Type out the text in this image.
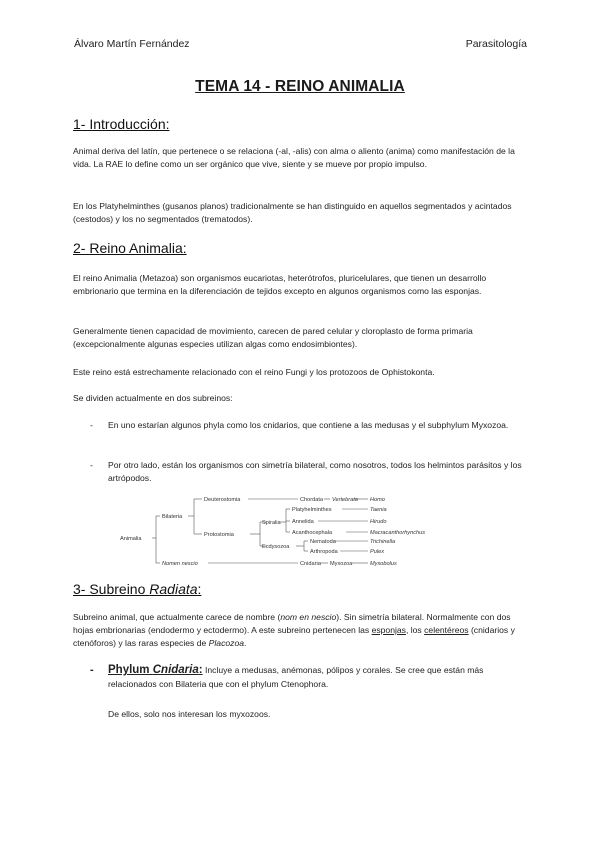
Álvaro Martín Fernández	Parasitología
TEMA 14 - REINO ANIMALIA
1- Introducción:
Animal deriva del latín, que pertenece o se relaciona (-al, -alis) con alma o aliento (anima) como manifestación de la vida. La RAE lo define como un ser orgánico que vive, siente y se mueve por propio impulso.
En los Platyhelminthes (gusanos planos) tradicionalmente se han distinguido en aquellos segmentados y acintados (cestodos) y los no segmentados (trematodos).
2- Reino Animalia:
El reino Animalia (Metazoa) son organismos eucariotas, heterótrofos, pluricelulares, que tienen un desarrollo embrionario que termina en la diferenciación de tejidos excepto en algunos organismos como las esponjas.
Generalmente tienen capacidad de movimiento, carecen de pared celular y cloroplasto de forma primaria (excepcionalmente algunas especies utilizan algas como endosimbiontes).
Este reino está estrechamente relacionado con el reino Fungi y los protozoos de Ophistokonta.
Se dividen actualmente en dos subreinos:
- En uno estarían algunos phyla como los cnidarios, que contiene a las medusas y el subphylum Myxozoa.
- Por otro lado, están los organismos con simetría bilateral, como nosotros, todos los helmintos parásitos y los artrópodos.
Animalia
Bilateria
Deuterostomia
Protostomia
Spiralia
Ecdysozoa
Nomen nescio
Chordata Vertebrata Homo
Platyhelminthes	Taenia
Annelida	Hirudo
Acanthocephala	Macracanthorhynchus
Nematoda	Trichinella
Arthropoda	Pulex
Cnidaria Myxozoa	Myxobolus
3- Subreino Radiata:
Subreino animal, que actualmente carece de nombre (nom en nescio). Sin simetría bilateral. Normalmente con dos hojas embrionarias (endodermo y ectodermo). A este subreino pertenecen las esponjas, los celentéreos (cnidarios y ctenóforos) y las raras especies de Placozoa.
- Phylum Cnidaria: Incluye a medusas, anémonas, pólipos y corales. Se cree que están más relacionados con Bilateria que con el phylum Ctenophora.
De ellos, solo nos interesan los myxozoos.
